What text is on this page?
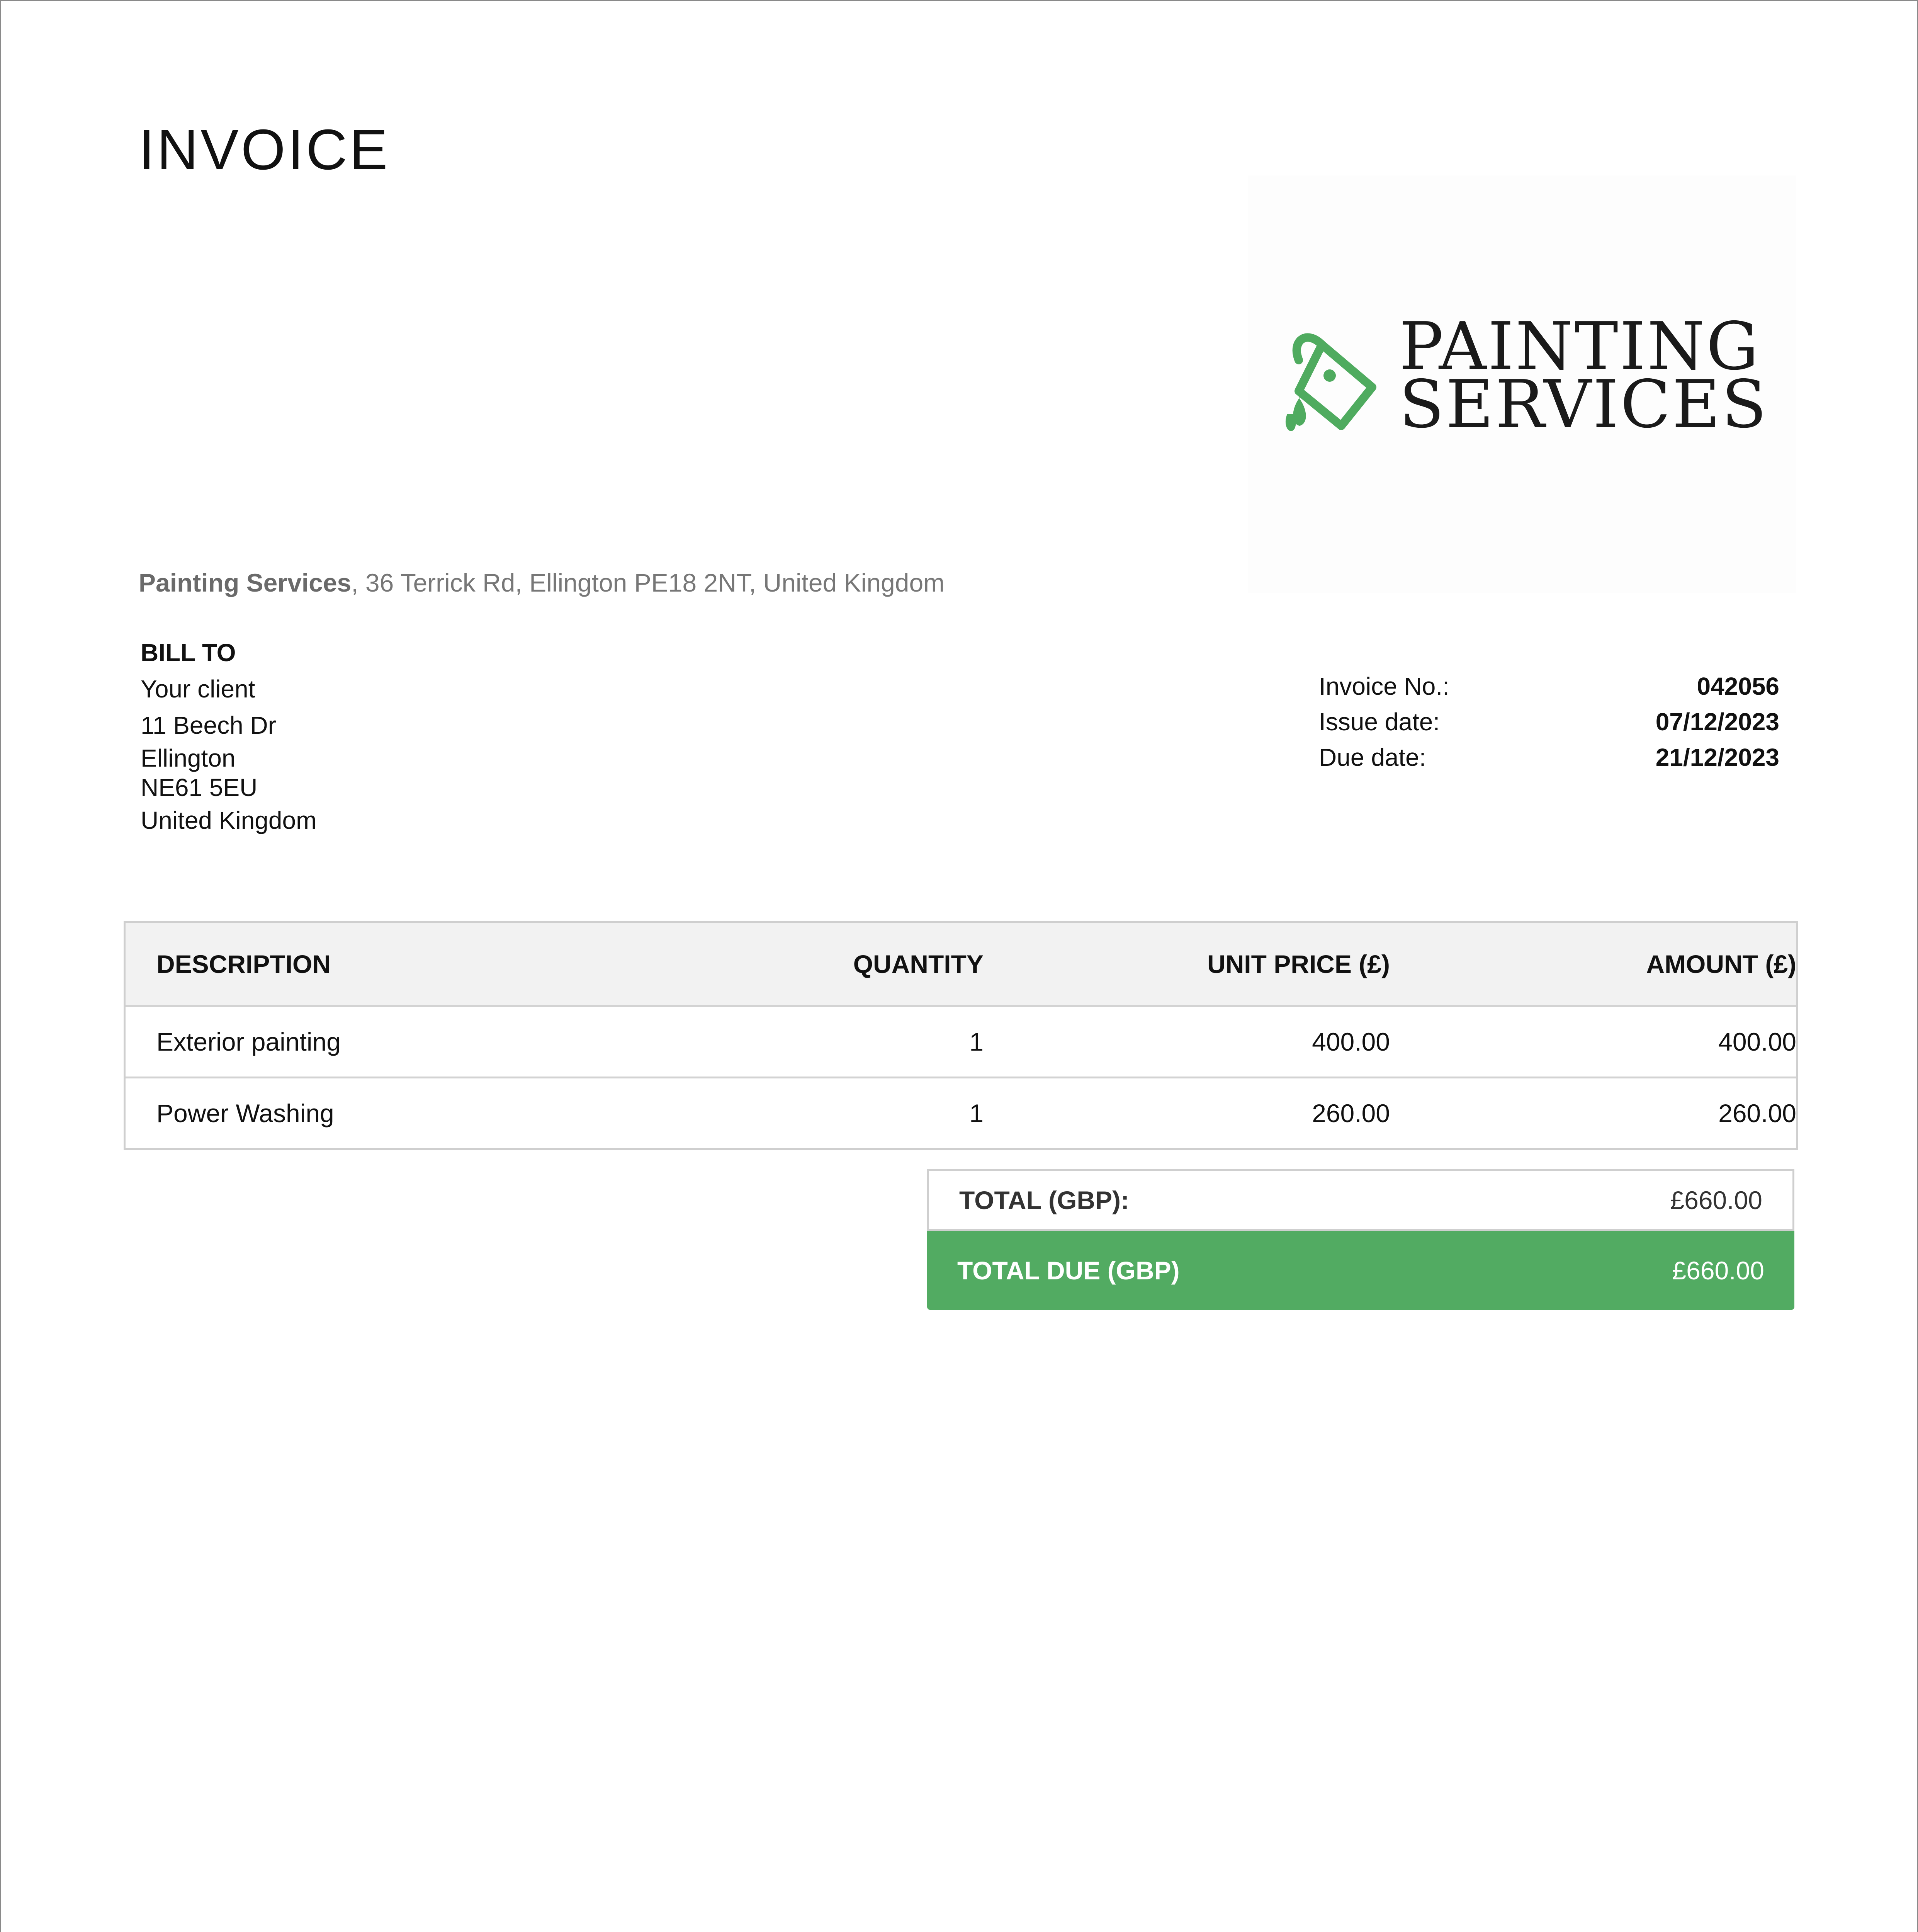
INVOICE
PAINTING
SERVICES
Painting Services, 36 Terrick Rd, Ellington PE18 2NT, United Kingdom
BILL TO
Your client
11 Beech Dr
Ellington
NE61 5EU
United Kingdom
Invoice No.:	042056
Issue date:	07/12/2023
Due date:	21/12/2023
DESCRIPTION	QUANTITY	UNIT PRICE (£)	AMOUNT (£)
Exterior painting	1	400.00	400.00
Power Washing	1	260.00	260.00
TOTAL (GBP):	£660.00
TOTAL DUE (GBP)	£660.00
